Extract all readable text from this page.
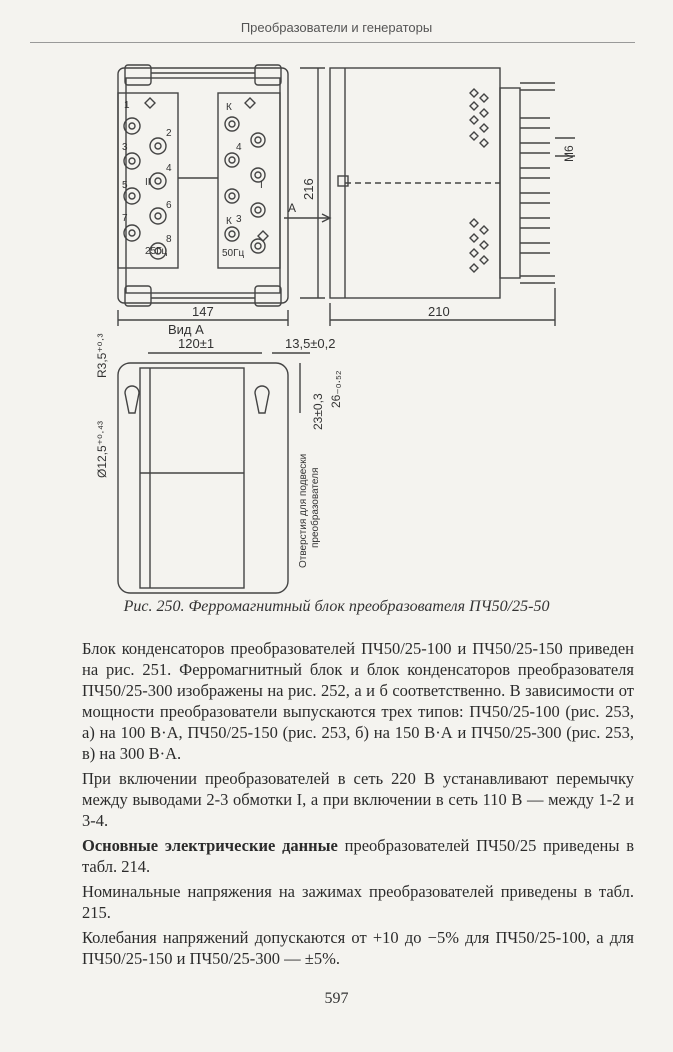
Преобразователи и генераторы
1
2
3
4
5
6
7
8
II	I
К
К
4
3
25Гц	50Гц
147
216
210
М6
А
Вид А
120±1	13,5±0,2
R3,5⁺⁰·³
Ø12,5⁺⁰·⁴³
23±0,3
26₋₀.₅₂
Отверстия для подвески преобразователя
Рис. 250. Ферромагнитный блок преобразователя ПЧ50/25-50

Блок конденсаторов преобразователей ПЧ50/25-100 и ПЧ50/25-150 приведен на рис. 251. Ферромагнитный блок и блок конденсаторов преобразователя ПЧ50/25-300 изображены на рис. 252, а и б соответственно. В зависимости от мощности преобразователи выпускаются трех типов: ПЧ50/25-100 (рис. 253, а) на 100 В·А, ПЧ50/25-150 (рис. 253, б) на 150 В·А и ПЧ50/25-300 (рис. 253, в) на 300 В·А.

При включении преобразователей в сеть 220 В устанавливают перемычку между выводами 2-3 обмотки I, а при включении в сеть 110 В — между 1-2 и 3-4.

Основные электрические данные преобразователей ПЧ50/25 приведены в табл. 214.

Номинальные напряжения на зажимах преобразователей приведены в табл. 215.

Колебания напряжений допускаются от +10 до −5% для ПЧ50/25-100, а для ПЧ50/25-150 и ПЧ50/25-300 — ±5%.

597
